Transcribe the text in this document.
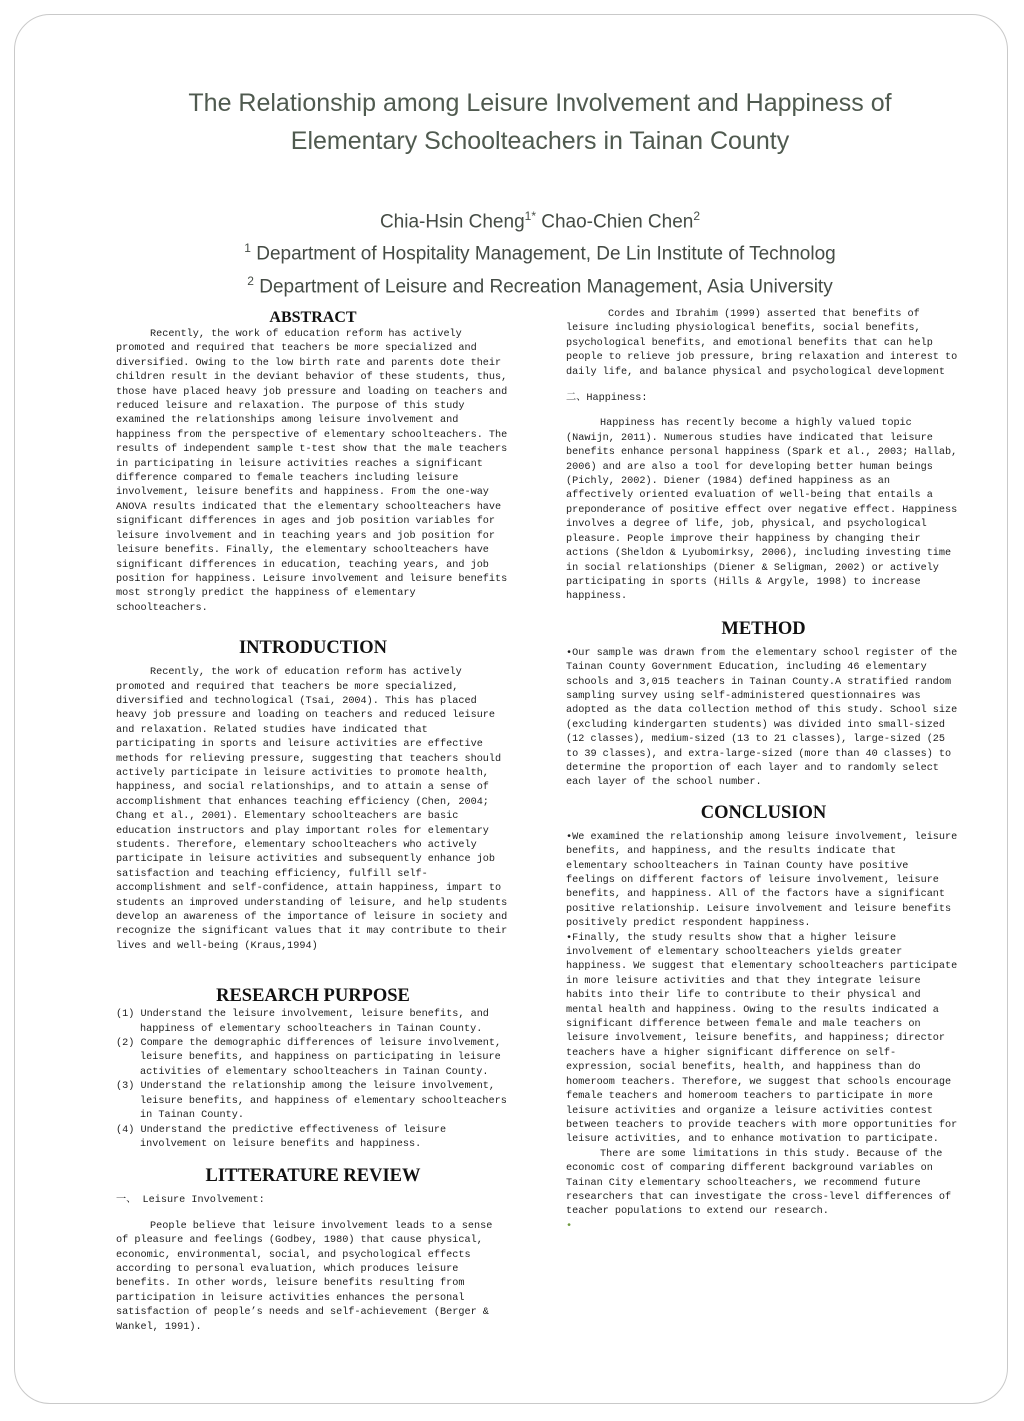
The Relationship among Leisure Involvement and Happiness of
Elementary Schoolteachers in Tainan County
Chia-Hsin Cheng$^{1*}$ Chao-Chien Chen$^2$
$^1$ Department of Hospitality Management, De Lin Institute of Technolog
$^2$ Department of Leisure and Recreation Management, Asia University
ABSTRACT

Recently, the work of education reform has actively promoted and required that teachers be more specialized and diversified. Owing to the low birth rate and parents dote their children result in the deviant behavior of these students, thus, those have placed heavy job pressure and loading on teachers and reduced leisure and relaxation. The purpose of this study examined the relationships among leisure involvement and happiness from the perspective of elementary schoolteachers. The results of independent sample t-test show that the male teachers in participating in leisure activities reaches a significant difference compared to female teachers including leisure involvement, leisure benefits and happiness. From the one-way ANOVA results indicated that the elementary schoolteachers have significant differences in ages and job position variables for leisure involvement and in teaching years and job position for leisure benefits. Finally, the elementary schoolteachers have significant differences in education, teaching years, and job position for happiness. Leisure involvement and leisure benefits most strongly predict the happiness of elementary schoolteachers.

INTRODUCTION

Recently, the work of education reform has actively promoted and required that teachers be more specialized, diversified and technological (Tsai, 2004). This has placed heavy job pressure and loading on teachers and reduced leisure and relaxation. Related studies have indicated that participating in sports and leisure activities are effective methods for relieving pressure, suggesting that teachers should actively participate in leisure activities to promote health, happiness, and social relationships, and to attain a sense of accomplishment that enhances teaching efficiency (Chen, 2004; Chang et al., 2001). Elementary schoolteachers are basic education instructors and play important roles for elementary students. Therefore, elementary schoolteachers who actively participate in leisure activities and subsequently enhance job satisfaction and teaching efficiency, fulfill self-accomplishment and self-confidence, attain happiness, impart to students an improved understanding of leisure, and help students develop an awareness of the importance of leisure in society and recognize the significant values that it may contribute to their lives and well-being (Kraus,1994)

RESEARCH PURPOSE

(1) Understand the leisure involvement, leisure benefits, and happiness of elementary schoolteachers in Tainan County.

(2) Compare the demographic differences of leisure involvement, leisure benefits, and happiness on participating in leisure activities of elementary schoolteachers in Tainan County.

(3) Understand the relationship among the leisure involvement, leisure benefits, and happiness of elementary schoolteachers in Tainan County.

(4) Understand the predictive effectiveness of leisure involvement on leisure benefits and happiness.

LITTERATURE REVIEW

一、 Leisure Involvement:

People believe that leisure involvement leads to a sense of pleasure and feelings (Godbey, 1980) that cause physical, economic, environmental, social, and psychological effects according to personal evaluation, which produces leisure benefits. In other words, leisure benefits resulting from participation in leisure activities enhances the personal satisfaction of people’s needs and self-achievement (Berger & Wankel, 1991).

Cordes and Ibrahim (1999) asserted that benefits of leisure including physiological benefits, social benefits, psychological benefits, and emotional benefits that can help people to relieve job pressure, bring relaxation and interest to daily life, and balance physical and psychological development

二、Happiness:

Happiness has recently become a highly valued topic (Nawijn, 2011). Numerous studies have indicated that leisure benefits enhance personal happiness (Spark et al., 2003; Hallab, 2006) and are also a tool for developing better human beings (Pichly, 2002). Diener (1984) defined happiness as an affectively oriented evaluation of well-being that entails a preponderance of positive effect over negative effect. Happiness involves a degree of life, job, physical, and psychological pleasure. People improve their happiness by changing their actions (Sheldon & Lyubomirksy, 2006), including investing time in social relationships (Diener & Seligman, 2002) or actively participating in sports (Hills & Argyle, 1998) to increase happiness.

METHOD

•Our sample was drawn from the elementary school register of the Tainan County Government Education, including 46 elementary schools and 3,015 teachers in Tainan County.A stratified random sampling survey using self-administered questionnaires was adopted as the data collection method of this study. School size (excluding kindergarten students) was divided into small-sized (12 classes), medium-sized (13 to 21 classes), large-sized (25 to 39 classes), and extra-large-sized (more than 40 classes) to determine the proportion of each layer and to randomly select each layer of the school number.

CONCLUSION

•We examined the relationship among leisure involvement, leisure benefits, and happiness, and the results indicate that elementary schoolteachers in Tainan County have positive feelings on different factors of leisure involvement, leisure benefits, and happiness. All of the factors have a significant positive relationship. Leisure involvement and leisure benefits positively predict respondent happiness.

•Finally, the study results show that a higher leisure involvement of elementary schoolteachers yields greater happiness. We suggest that elementary schoolteachers participate in more leisure activities and that they integrate leisure habits into their life to contribute to their physical and mental health and happiness. Owing to the results indicated a significant difference between female and male teachers on leisure involvement, leisure benefits, and happiness; director teachers have a higher significant difference on self-expression, social benefits, health, and happiness than do homeroom teachers. Therefore, we suggest that schools encourage female teachers and homeroom teachers to participate in more leisure activities and organize a leisure activities contest between teachers to provide teachers with more opportunities for leisure activities, and to enhance motivation to participate.

There are some limitations in this study. Because of the economic cost of comparing different background variables on Tainan City elementary schoolteachers, we recommend future researchers that can investigate the cross-level differences of teacher populations to extend our research.

•
